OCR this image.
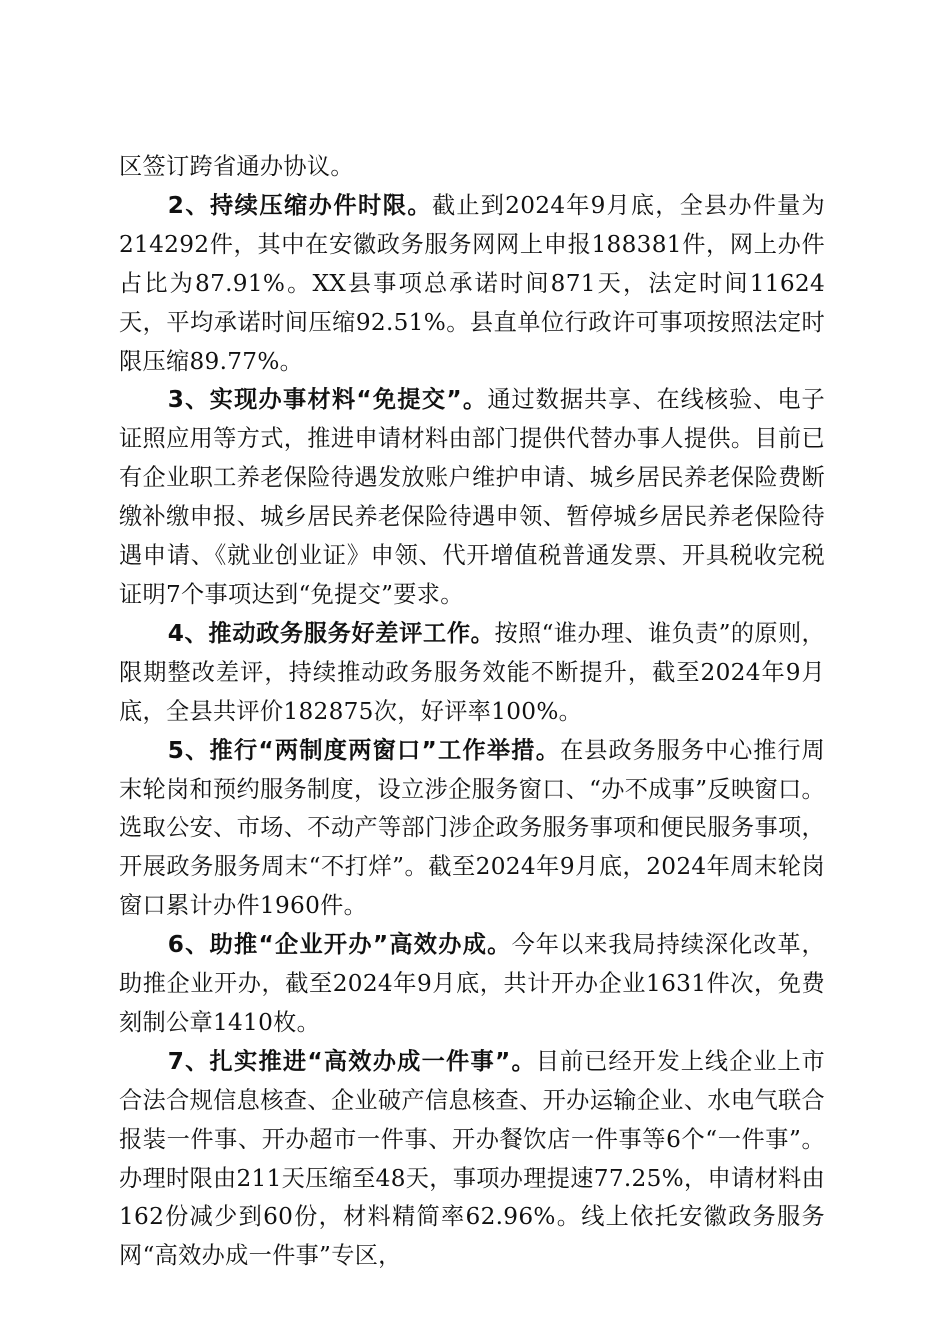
区签订跨省通办协议。

2、持续压缩办件时限。截止到2024年9月底，全县办件量为214292件，其中在安徽政务服务网网上申报188381件，网上办件占比为87.91%。XX县事项总承诺时间871天，法定时间11624天，平均承诺时间压缩92.51%。县直单位行政许可事项按照法定时限压缩89.77%。

3、实现办事材料“免提交”。通过数据共享、在线核验、电子证照应用等方式，推进申请材料由部门提供代替办事人提供。目前已有企业职工养老保险待遇发放账户维护申请、城乡居民养老保险费断缴补缴申报、城乡居民养老保险待遇申领、暂停城乡居民养老保险待遇申请、《就业创业证》申领、代开增值税普通发票、开具税收完税证明7个事项达到“免提交”要求。

4、推动政务服务好差评工作。按照“谁办理、谁负责”的原则，限期整改差评，持续推动政务服务效能不断提升，截至2024年9月底，全县共评价182875次，好评率100%。

5、推行“两制度两窗口”工作举措。在县政务服务中心推行周末轮岗和预约服务制度，设立涉企服务窗口、“办不成事”反映窗口。选取公安、市场、不动产等部门涉企政务服务事项和便民服务事项，开展政务服务周末“不打烊”。截至2024年9月底，2024年周末轮岗窗口累计办件1960件。

6、助推“企业开办”高效办成。今年以来我局持续深化改革，助推企业开办，截至2024年9月底，共计开办企业1631件次，免费刻制公章1410枚。

7、扎实推进“高效办成一件事”。目前已经开发上线企业上市合法合规信息核查、企业破产信息核查、开办运输企业、水电气联合报装一件事、开办超市一件事、开办餐饮店一件事等6个“一件事”。办理时限由211天压缩至48天，事项办理提速77.25%，申请材料由162份减少到60份，材料精简率62.96%。线上依托安徽政务服务网“高效办成一件事”专区，
